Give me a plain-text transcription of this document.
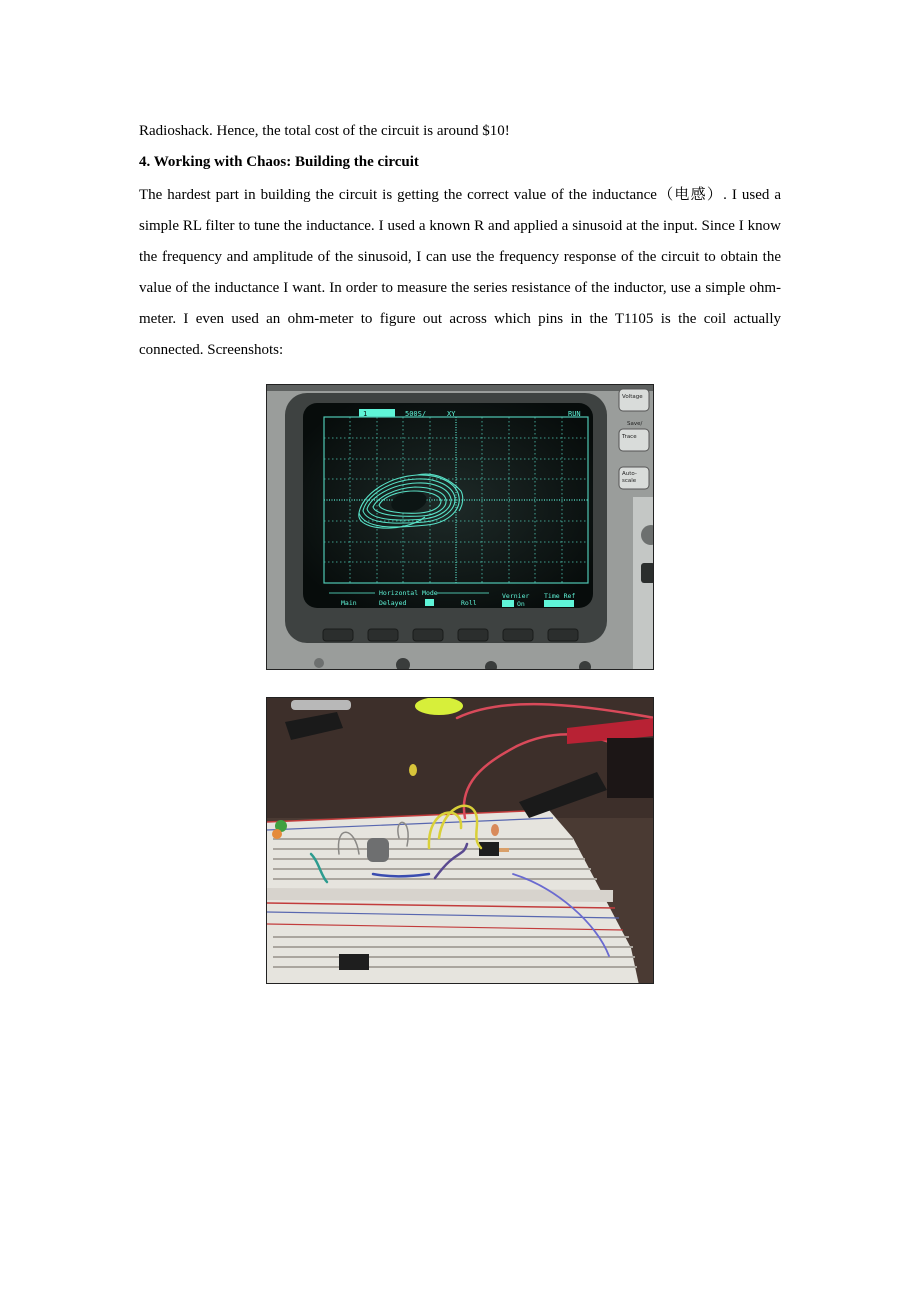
Radioshack. Hence, the total cost of the circuit is around $10!
4. Working with Chaos: Building the circuit

The hardest part in building the circuit is getting the correct value of the inductance（电感）. I used a simple RL filter to tune the inductance. I used a known R and applied a sinusoid at the input. Since I know the frequency and amplitude of the sinusoid, I can use the frequency response of the circuit to obtain the value of the inductance I want. In order to measure the series resistance of the inductor, use a simple ohm-meter. I even used an ohm-meter to figure out across which pins in the T1105 is the coil actually connected. Screenshots:

1	500S/	XY	RUN
Horizontal Mode
Main	Delayed	Roll
Vernier
On
Time Ref
Voltage
Save/
Trace
Auto-
scale
